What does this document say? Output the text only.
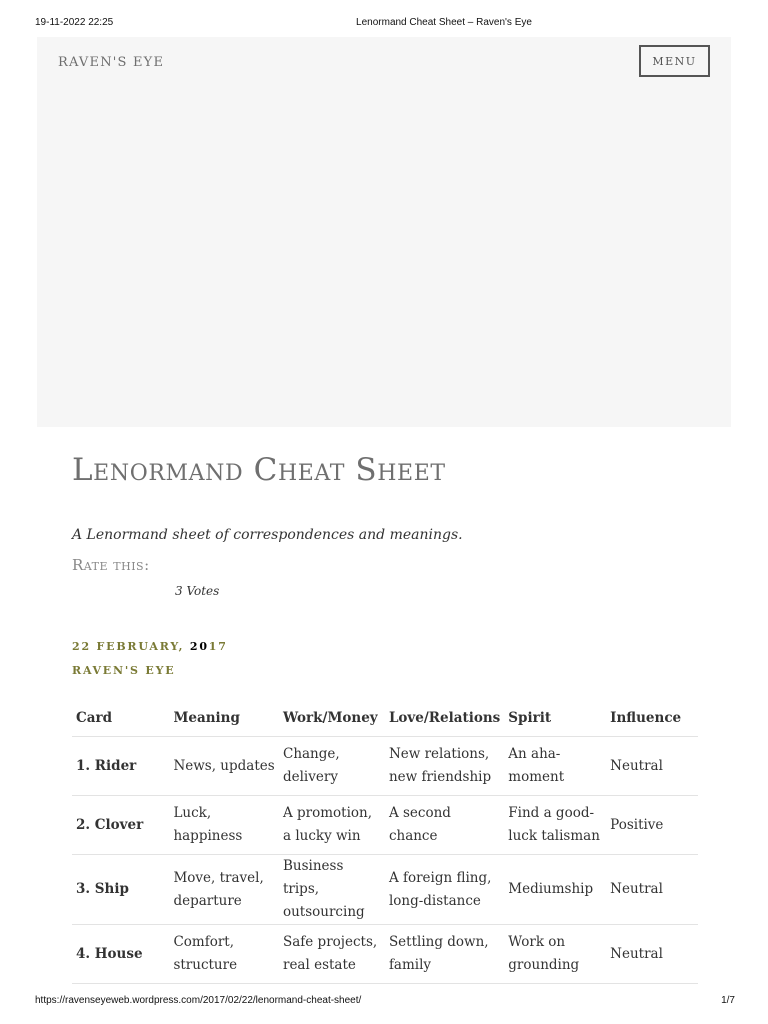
19-11-2022 22:25	Lenormand Cheat Sheet – Raven's Eye
RAVEN'S EYE	MENU
Lenormand Cheat Sheet

A Lenormand sheet of correspondences and meanings.

Rate this:

3 Votes
22 FEBRUARY, 2017
RAVEN'S EYE
Card	Meaning	Work/Money	Love/Relations	Spirit	Influence
1. Rider	News, updates	Change, delivery	New relations, new friendship	An aha-moment	Neutral
2. Clover	Luck, happiness	A promotion, a lucky win	A second chance	Find a good-luck talisman	Positive
3. Ship	Move, travel, departure	Business trips, outsourcing	A foreign fling, long-distance	Mediumship	Neutral
4. House	Comfort, structure	Safe projects, real estate	Settling down, family	Work on grounding	Neutral
https://ravenseyeweb.wordpress.com/2017/02/22/lenormand-cheat-sheet/	1/7
